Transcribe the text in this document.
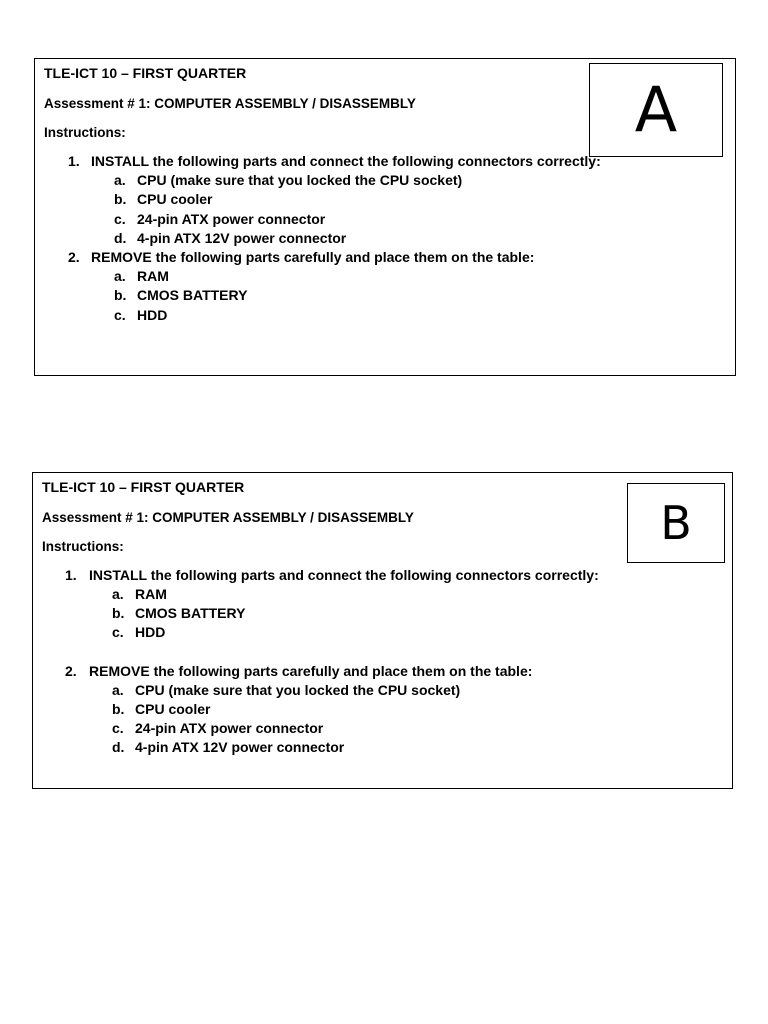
A
TLE-ICT 10 – FIRST QUARTER
Assessment # 1: COMPUTER ASSEMBLY / DISASSEMBLY
Instructions:
1. INSTALL the following parts and connect the following connectors correctly:
a. CPU (make sure that you locked the CPU socket)
b. CPU cooler
c. 24-pin ATX power connector
d. 4-pin ATX 12V power connector
2. REMOVE the following parts carefully and place them on the table:
a. RAM
b. CMOS BATTERY
c. HDD
B
TLE-ICT 10 – FIRST QUARTER
Assessment # 1: COMPUTER ASSEMBLY / DISASSEMBLY
Instructions:
1. INSTALL the following parts and connect the following connectors correctly:
a. RAM
b. CMOS BATTERY
c. HDD
2. REMOVE the following parts carefully and place them on the table:
a. CPU (make sure that you locked the CPU socket)
b. CPU cooler
c. 24-pin ATX power connector
d. 4-pin ATX 12V power connector
